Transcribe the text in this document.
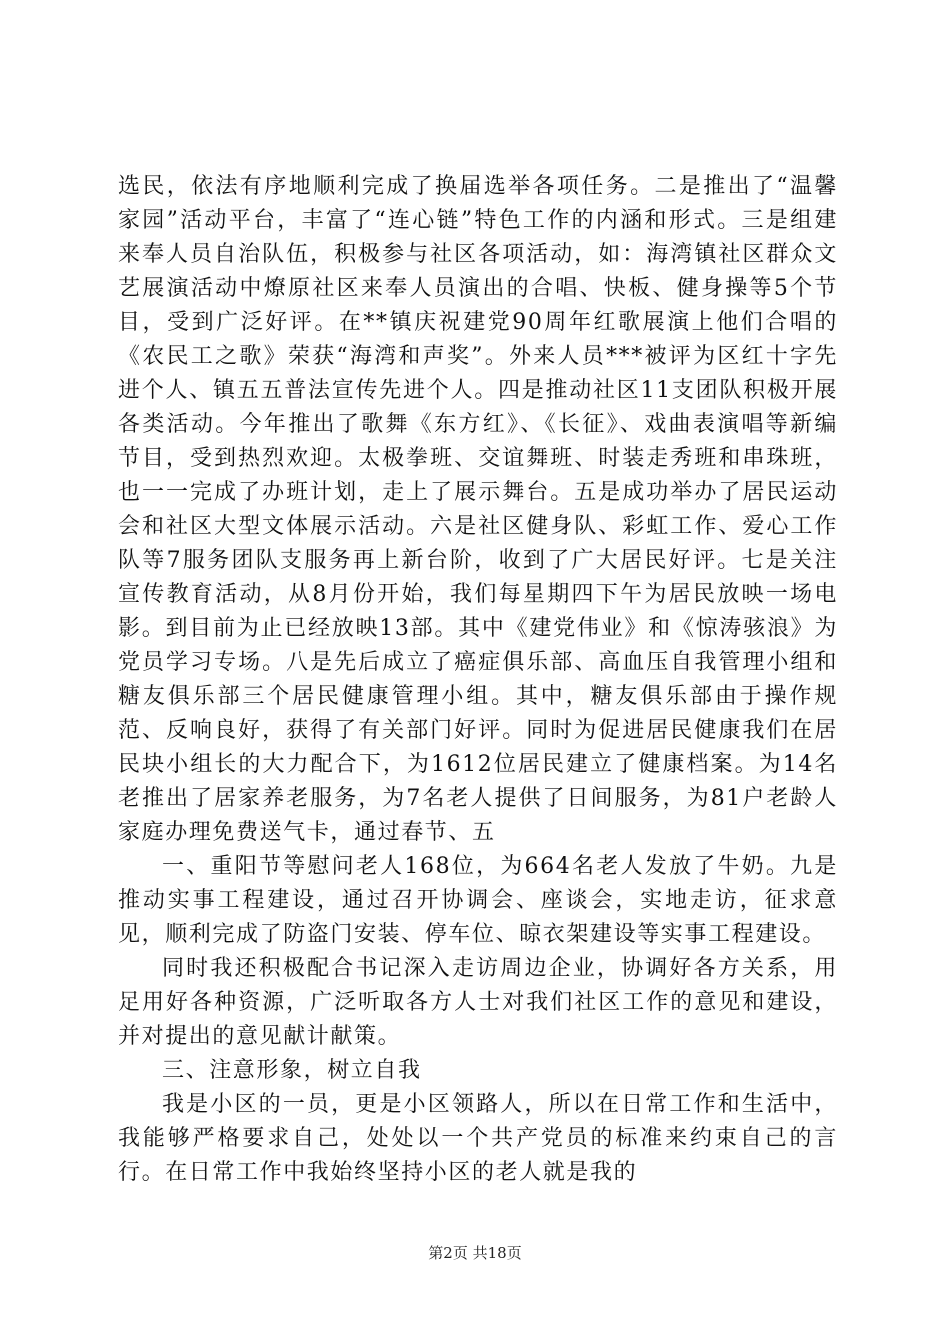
选民，依法有序地顺利完成了换届选举各项任务。二是推出了“温馨家园”活动平台，丰富了“连心链”特色工作的内涵和形式。三是组建来奉人员自治队伍，积极参与社区各项活动，如：海湾镇社区群众文艺展演活动中燎原社区来奉人员演出的合唱、快板、健身操等5个节目，受到广泛好评。在**镇庆祝建党90周年红歌展演上他们合唱的《农民工之歌》荣获“海湾和声奖”。外来人员***被评为区红十字先进个人、镇五五普法宣传先进个人。四是推动社区11支团队积极开展各类活动。今年推出了歌舞《东方红》、《长征》、戏曲表演唱等新编节目，受到热烈欢迎。太极拳班、交谊舞班、时装走秀班和串珠班，也一一完成了办班计划，走上了展示舞台。五是成功举办了居民运动会和社区大型文体展示活动。六是社区健身队、彩虹工作、爱心工作队等7服务团队支服务再上新台阶，收到了广大居民好评。七是关注宣传教育活动，从8月份开始，我们每星期四下午为居民放映一场电影。到目前为止已经放映13部。其中《建党伟业》和《惊涛骇浪》为党员学习专场。八是先后成立了癌症俱乐部、高血压自我管理小组和糖友俱乐部三个居民健康管理小组。其中，糖友俱乐部由于操作规范、反响良好，获得了有关部门好评。同时为促进居民健康我们在居民块小组长的大力配合下，为1612位居民建立了健康档案。为14名老推出了居家养老服务，为7名老人提供了日间服务，为81户老龄人家庭办理免费送气卡，通过春节、五

一、重阳节等慰问老人168位，为664名老人发放了牛奶。九是推动实事工程建设，通过召开协调会、座谈会，实地走访，征求意见，顺利完成了防盗门安装、停车位、晾衣架建设等实事工程建设。

同时我还积极配合书记深入走访周边企业，协调好各方关系，用足用好各种资源，广泛听取各方人士对我们社区工作的意见和建设，并对提出的意见献计献策。

三、注意形象，树立自我

我是小区的一员，更是小区领路人，所以在日常工作和生活中，我能够严格要求自己，处处以一个共产党员的标准来约束自己的言行。在日常工作中我始终坚持小区的老人就是我的

第2页 共18页
